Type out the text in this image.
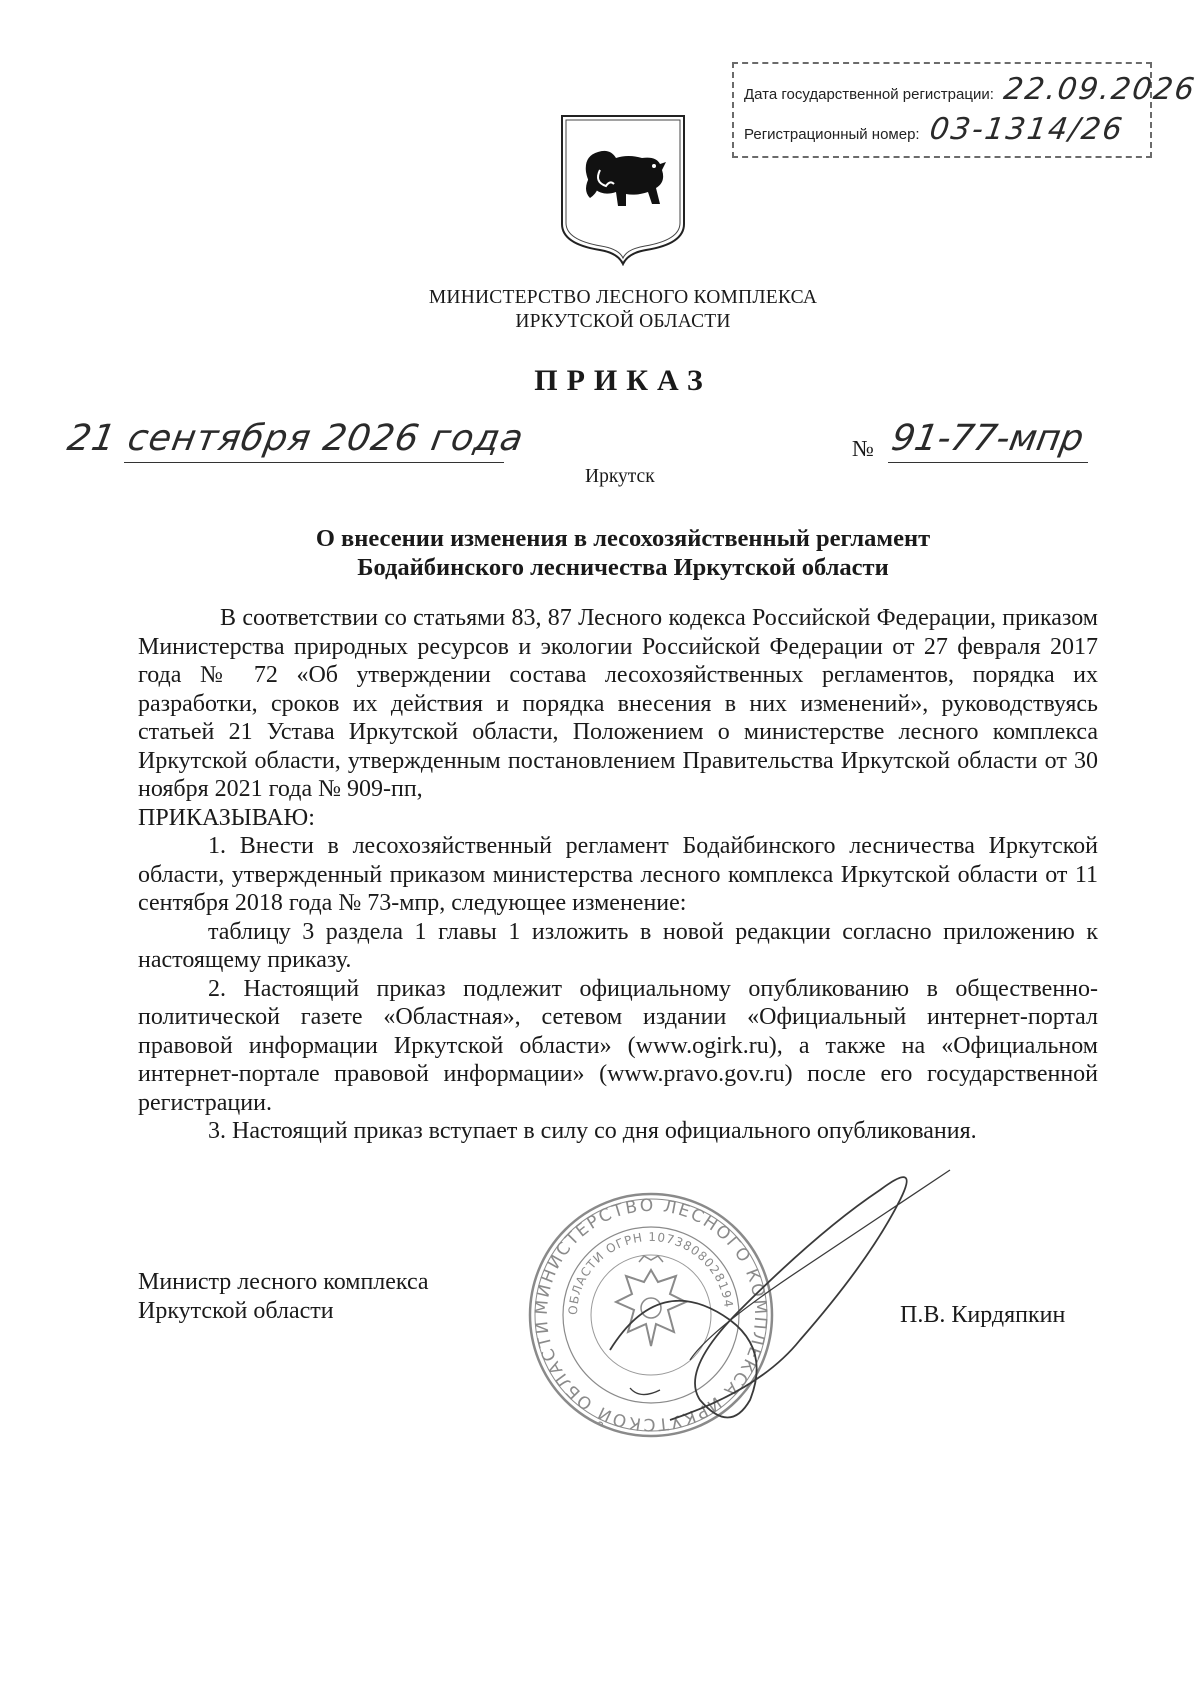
Дата государственной регистрации: 22.09.2026
Регистрационный номер: 03-1314/26
МИНИСТЕРСТВО ЛЕСНОГО КОМПЛЕКСА
ИРКУТСКОЙ ОБЛАСТИ
ПРИКАЗ
21 сентября 2026 года
Иркутск
№ 91-77-мпр
О внесении изменения в лесохозяйственный регламент
Бодайбинского лесничества Иркутской области

В соответствии со статьями 83, 87 Лесного кодекса Российской Федерации, приказом Министерства природных ресурсов и экологии Российской Федерации от 27 февраля 2017 года № 72 «Об утверждении состава лесохозяйственных регламентов, порядка их разработки, сроков их действия и порядка внесения в них изменений», руководствуясь статьей 21 Устава Иркутской области, Положением о министерстве лесного комплекса Иркутской области, утвержденным постановлением Правительства Иркутской области от 30 ноября 2021 года № 909-пп,

ПРИКАЗЫВАЮ:

1. Внести в лесохозяйственный регламент Бодайбинского лесничества Иркутской области, утвержденный приказом министерства лесного комплекса Иркутской области от 11 сентября 2018 года № 73-мпр, следующее изменение:

таблицу 3 раздела 1 главы 1 изложить в новой редакции согласно приложению к настоящему приказу.

2. Настоящий приказ подлежит официальному опубликованию в общественно-политической газете «Областная», сетевом издании «Официальный интернет-портал правовой информации Иркутской области» (www.ogirk.ru), а также на «Официальном интернет-портале правовой информации» (www.pravo.gov.ru) после его государственной регистрации.

3. Настоящий приказ вступает в силу со дня официального опубликования.

Министр лесного комплекса
Иркутской области	П.В. Кирдяпкин
МИНИСТЕРСТВО ЛЕСНОГО КОМПЛЕКСА ИРКУТСКОЙ ОБЛАСТИ
ОБЛАСТИ ОГРН 1073808028194
